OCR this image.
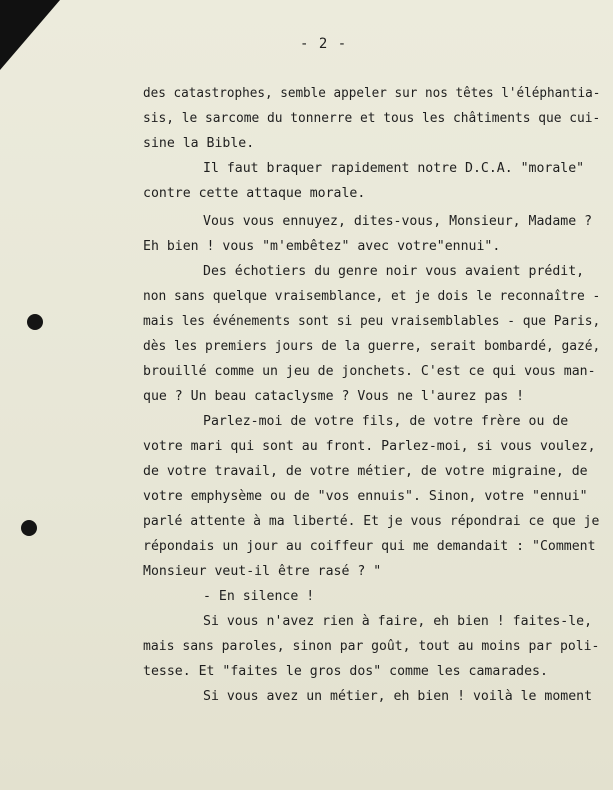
- 2 -
des catastrophes, semble appeler sur nos têtes l'éléphantia-
sis, le sarcome du tonnerre et tous les châtiments que cui-
sine la Bible.
Il faut braquer rapidement notre D.C.A. "morale"
contre cette attaque morale.
Vous vous ennuyez, dites-vous, Monsieur, Madame ?
Eh bien ! vous "m'embêtez" avec votre"ennui".
Des échotiers du genre noir vous avaient prédit,
non sans quelque vraisemblance, et je dois le reconnaître -
mais les événements sont si peu vraisemblables - que Paris,
dès les premiers jours de la guerre, serait bombardé, gazé,
brouillé comme un jeu de jonchets. C'est ce qui vous man-
que ? Un beau cataclysme ? Vous ne l'aurez pas !
Parlez-moi de votre fils, de votre frère ou de
votre mari qui sont au front. Parlez-moi, si vous voulez,
de votre travail, de votre métier, de votre migraine, de
votre emphysème ou de "vos ennuis". Sinon, votre "ennui"
parlé attente à ma liberté. Et je vous répondrai ce que je
répondais un jour au coiffeur qui me demandait : "Comment
Monsieur veut-il être rasé ? "
- En silence !
Si vous n'avez rien à faire, eh bien ! faites-le,
mais sans paroles, sinon par goût, tout au moins par poli-
tesse. Et "faites le gros dos" comme les camarades.
Si vous avez un métier, eh bien ! voilà le moment
